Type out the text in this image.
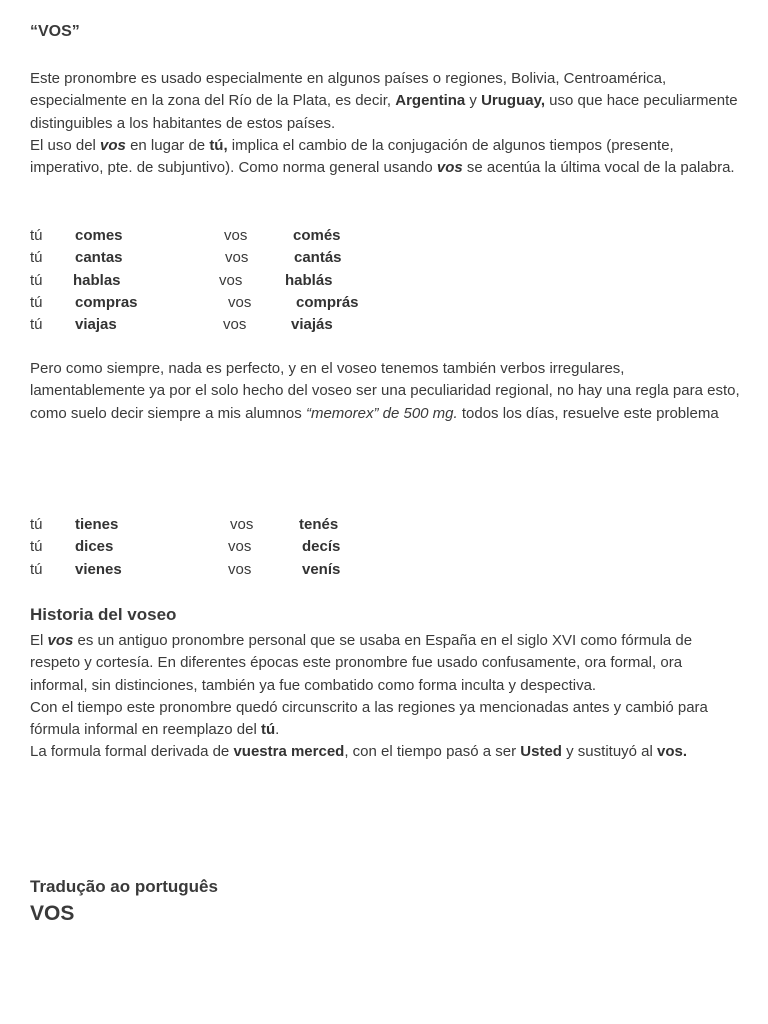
“VOS”

Este pronombre es usado especialmente en algunos países o regiones, Bolivia, Centroamérica, especialmente en la zona del Río de la Plata, es decir, Argentina y Uruguay, uso que hace peculiarmente distinguibles a los habitantes de estos países.

El uso del vos en lugar de tú, implica el cambio de la conjugación de algunos tiempos (presente, imperativo, pte. de subjuntivo). Como norma general usando vos se acentúa la última vocal de la palabra.

tú comes	vos	comés
tú cantas	vos	cantás
tú hablas	vos	hablás
tú compras	vos	comprás
tú viajas	vos	viajás

Pero como siempre, nada es perfecto, y en el voseo tenemos también verbos irregulares, lamentablemente ya por el solo hecho del voseo ser una peculiaridad regional, no hay una regla para esto, como suelo decir siempre a mis alumnos “memorex” de 500 mg. todos los días, resuelve este problema

tú tienes	vos	tenés
tú dices	vos	decís
tú vienes	vos	venís
Historia del voseo

El vos es un antiguo pronombre personal que se usaba en España en el siglo XVI como fórmula de respeto y cortesía. En diferentes épocas este pronombre fue usado confusamente, ora formal, ora informal, sin distinciones, también ya fue combatido como forma inculta y despectiva.

Con el tiempo este pronombre quedó circunscrito a las regiones ya mencionadas antes y cambió para fórmula informal en reemplazo del tú.

La formula formal derivada de vuestra merced, con el tiempo pasó a ser Usted y sustituyó al vos.

Tradução ao português
VOS
